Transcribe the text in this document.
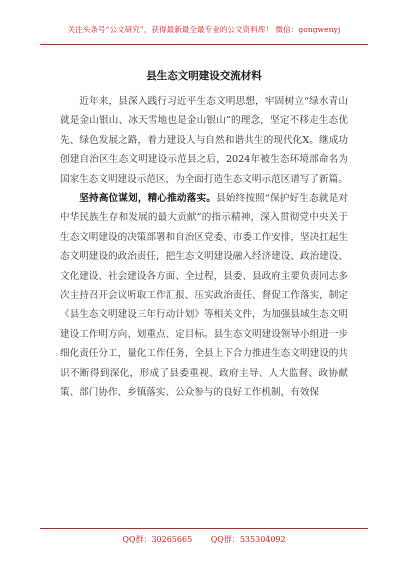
关注头条号“公文研究”，获得最新最全最专业的公文资料库！ 微信：gongwenyj
县生态文明建设交流材料

近年来，县深入践行习近平生态文明思想，牢固树立“绿水青山就是金山银山、冰天雪地也是金山银山”的理念，坚定不移走生态优先、绿色发展之路，着力建设人与自然和谐共生的现代化X。继成功创建自治区生态文明建设示范县之后，2024年被生态环境部命名为国家生态文明建设示范区，为全面打造生态文明示范区谱写了新篇。

坚持高位谋划，精心推动落实。县始终按照“保护好生态就是对中华民族生存和发展的最大贡献”的指示精神，深入贯彻党中央关于生态文明建设的决策部署和自治区党委、市委工作安排，坚决扛起生态文明建设的政治责任，把生态文明建设融入经济建设、政治建设、文化建设、社会建设各方面、全过程，县委、县政府主要负责同志多次主持召开会议听取工作汇报、压实政治责任、督促工作落实，制定《县生态文明建设三年行动计划》等相关文件，为加强县域生态文明建设工作明方向、划重点、定目标。县生态文明建设领导小组进一步细化责任分工，量化工作任务，全县上下合力推进生态文明建设的共识不断得到深化，形成了县委重视、政府主导、人大监督、政协献策、部门协作、乡镇落实、公众参与的良好工作机制，有效保

QQ群：30265665 QQ群：535304092
